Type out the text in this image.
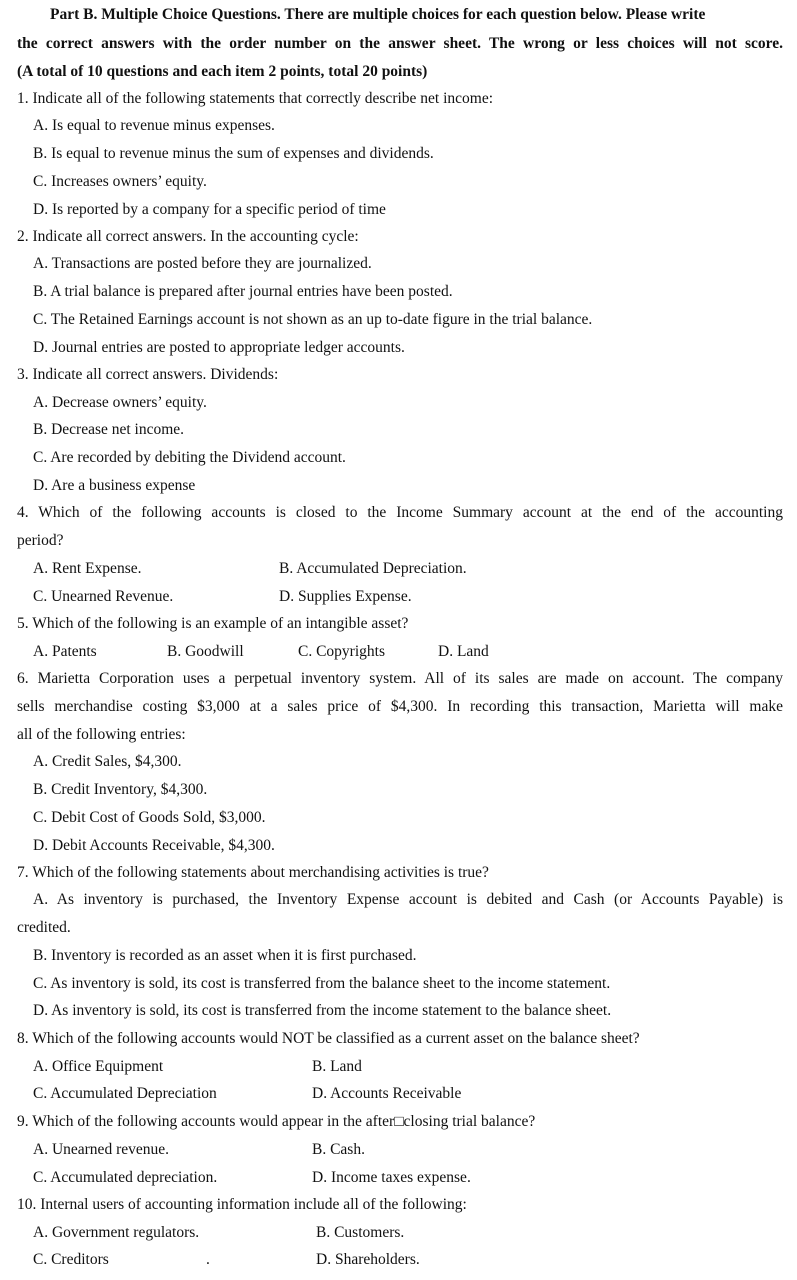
Part B. Multiple Choice Questions. There are multiple choices for each question below. Please write
the correct answers with the order number on the answer sheet. The wrong or less choices will not score.
(A total of 10 questions and each item 2 points, total 20 points)
1. Indicate all of the following statements that correctly describe net income:
A. Is equal to revenue minus expenses.
B. Is equal to revenue minus the sum of expenses and dividends.
C. Increases owners’ equity.
D. Is reported by a company for a specific period of time
2. Indicate all correct answers. In the accounting cycle:
A. Transactions are posted before they are journalized.
B. A trial balance is prepared after journal entries have been posted.
C. The Retained Earnings account is not shown as an up to-date figure in the trial balance.
D. Journal entries are posted to appropriate ledger accounts.
3. Indicate all correct answers. Dividends:
A. Decrease owners’ equity.
B. Decrease net income.
C. Are recorded by debiting the Dividend account.
D. Are a business expense
4. Which of the following accounts is closed to the Income Summary account at the end of the accounting
period?
A. Rent Expense.	B. Accumulated Depreciation.
C. Unearned Revenue.	D. Supplies Expense.
5. Which of the following is an example of an intangible asset?
A. Patents	B. Goodwill	C. Copyrights	D. Land
6. Marietta Corporation uses a perpetual inventory system. All of its sales are made on account. The company
sells merchandise costing $3,000 at a sales price of $4,300. In recording this transaction, Marietta will make
all of the following entries:
A. Credit Sales, $4,300.
B. Credit Inventory, $4,300.
C. Debit Cost of Goods Sold, $3,000.
D. Debit Accounts Receivable, $4,300.
7. Which of the following statements about merchandising activities is true?
A. As inventory is purchased, the Inventory Expense account is debited and Cash (or Accounts Payable) is
credited.
B. Inventory is recorded as an asset when it is first purchased.
C. As inventory is sold, its cost is transferred from the balance sheet to the income statement.
D. As inventory is sold, its cost is transferred from the income statement to the balance sheet.
8. Which of the following accounts would NOT be classified as a current asset on the balance sheet?
A. Office Equipment	B. Land
C. Accumulated Depreciation	D. Accounts Receivable
9. Which of the following accounts would appear in the after□closing trial balance?
A. Unearned revenue.	B. Cash.
C. Accumulated depreciation.	D. Income taxes expense.
10. Internal users of accounting information include all of the following:
A. Government regulators.	B. Customers.
C. Creditors	.	D. Shareholders.
